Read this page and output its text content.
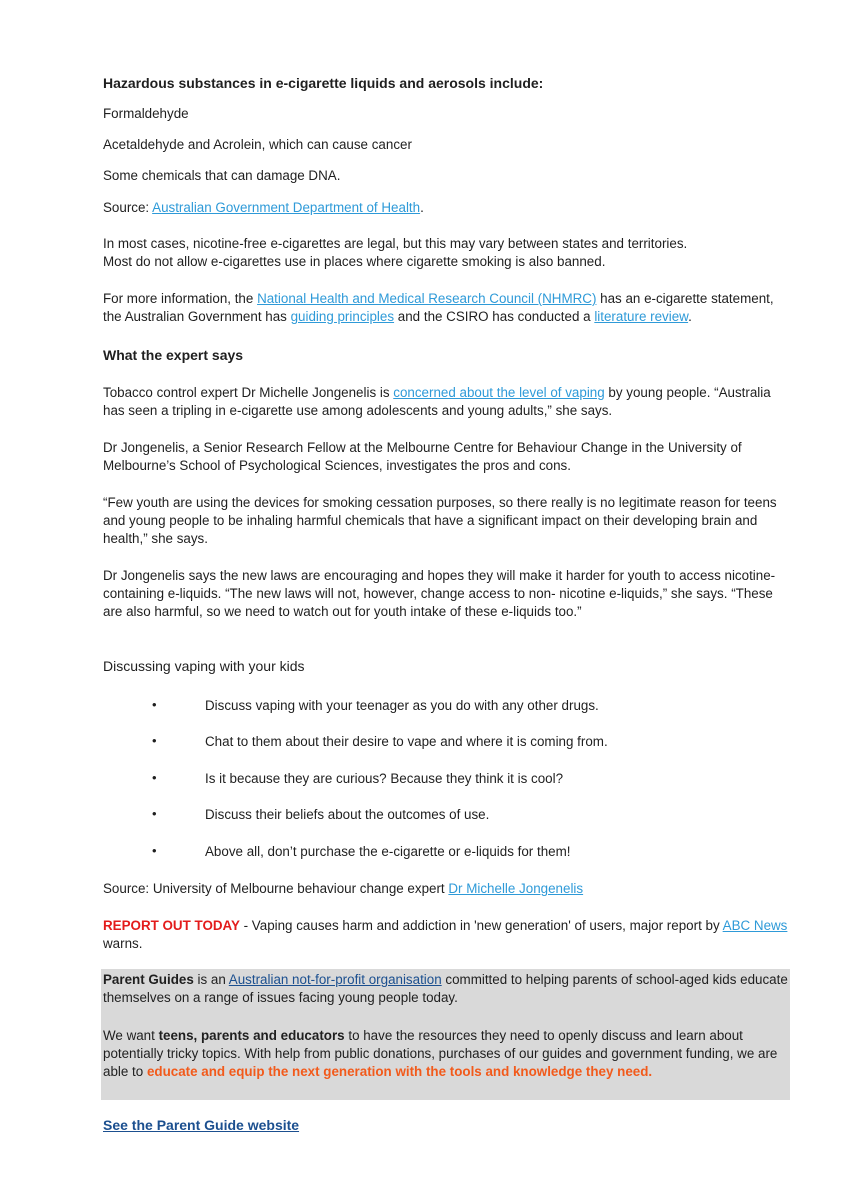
Hazardous substances in e-cigarette liquids and aerosols include:

Formaldehyde

Acetaldehyde and Acrolein, which can cause cancer

Some chemicals that can damage DNA.

Source: Australian Government Department of Health.

In most cases, nicotine-free e-cigarettes are legal, but this may vary between states and territories.
Most do not allow e-cigarettes use in places where cigarette smoking is also banned.

For more information, the National Health and Medical Research Council (NHMRC) has an e-cigarette statement, the Australian Government has guiding principles and the CSIRO has conducted a literature review.

What the expert says

Tobacco control expert Dr Michelle Jongenelis is concerned about the level of vaping by young people. “Australia has seen a tripling in e-cigarette use among adolescents and young adults,” she says.

Dr Jongenelis, a Senior Research Fellow at the Melbourne Centre for Behaviour Change in the University of Melbourne’s School of Psychological Sciences, investigates the pros and cons.

“Few youth are using the devices for smoking cessation purposes, so there really is no legitimate reason for teens and young people to be inhaling harmful chemicals that have a significant impact on their developing brain and health,” she says.

Dr Jongenelis says the new laws are encouraging and hopes they will make it harder for youth to access nicotine-containing e-liquids. “The new laws will not, however, change access to non- nicotine e-liquids,” she says. “These are also harmful, so we need to watch out for youth intake of these e-liquids too.”

Discussing vaping with your kids

•	Discuss vaping with your teenager as you do with any other drugs.
•	Chat to them about their desire to vape and where it is coming from.
•	Is it because they are curious? Because they think it is cool?
•	Discuss their beliefs about the outcomes of use.
•	Above all, don’t purchase the e-cigarette or e-liquids for them!

Source: University of Melbourne behaviour change expert Dr Michelle Jongenelis

REPORT OUT TODAY - Vaping causes harm and addiction in 'new generation' of users, major report by ABC News
warns.

Parent Guides is an Australian not-for-profit organisation committed to helping parents of school-aged kids educate themselves on a range of issues facing young people today.

We want teens, parents and educators to have the resources they need to openly discuss and learn about potentially tricky topics. With help from public donations, purchases of our guides and government funding, we are able to educate and equip the next generation with the tools and knowledge they need.

See the Parent Guide website
